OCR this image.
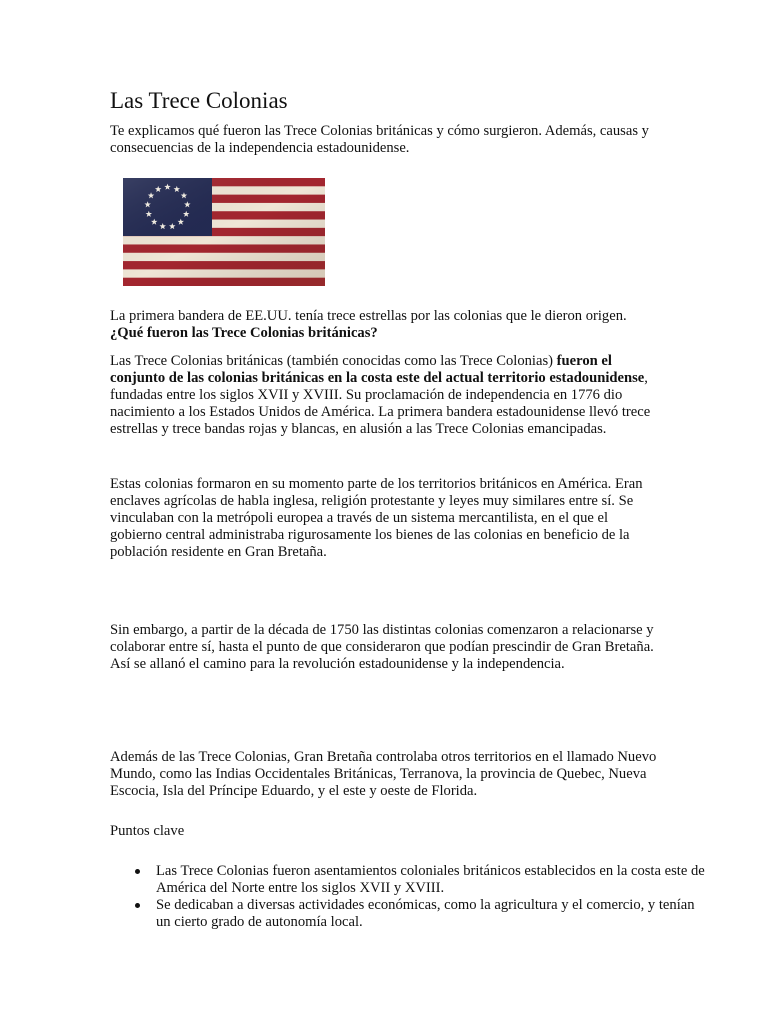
Las Trece Colonias

Te explicamos qué fueron las Trece Colonias británicas y cómo surgieron. Además, causas y consecuencias de la independencia estadounidense.

La primera bandera de EE.UU. tenía trece estrellas por las colonias que le dieron origen.

¿Qué fueron las Trece Colonias británicas?

Las Trece Colonias británicas (también conocidas como las Trece Colonias) fueron el conjunto de las colonias británicas en la costa este del actual territorio estadounidense, fundadas entre los siglos XVII y XVIII. Su proclamación de independencia en 1776 dio nacimiento a los Estados Unidos de América. La primera bandera estadounidense llevó trece estrellas y trece bandas rojas y blancas, en alusión a las Trece Colonias emancipadas.

Estas colonias formaron en su momento parte de los territorios británicos en América. Eran enclaves agrícolas de habla inglesa, religión protestante y leyes muy similares entre sí. Se vinculaban con la metrópoli europea a través de un sistema mercantilista, en el que el gobierno central administraba rigurosamente los bienes de las colonias en beneficio de la población residente en Gran Bretaña.

Sin embargo, a partir de la década de 1750 las distintas colonias comenzaron a relacionarse y colaborar entre sí, hasta el punto de que consideraron que podían prescindir de Gran Bretaña. Así se allanó el camino para la revolución estadounidense y la independencia.

Además de las Trece Colonias, Gran Bretaña controlaba otros territorios en el llamado Nuevo Mundo, como las Indias Occidentales Británicas, Terranova, la provincia de Quebec, Nueva Escocia, Isla del Príncipe Eduardo, y el este y oeste de Florida.

Puntos clave

Las Trece Colonias fueron asentamientos coloniales británicos establecidos en la costa este de América del Norte entre los siglos XVII y XVIII.
Se dedicaban a diversas actividades económicas, como la agricultura y el comercio, y tenían un cierto grado de autonomía local.
